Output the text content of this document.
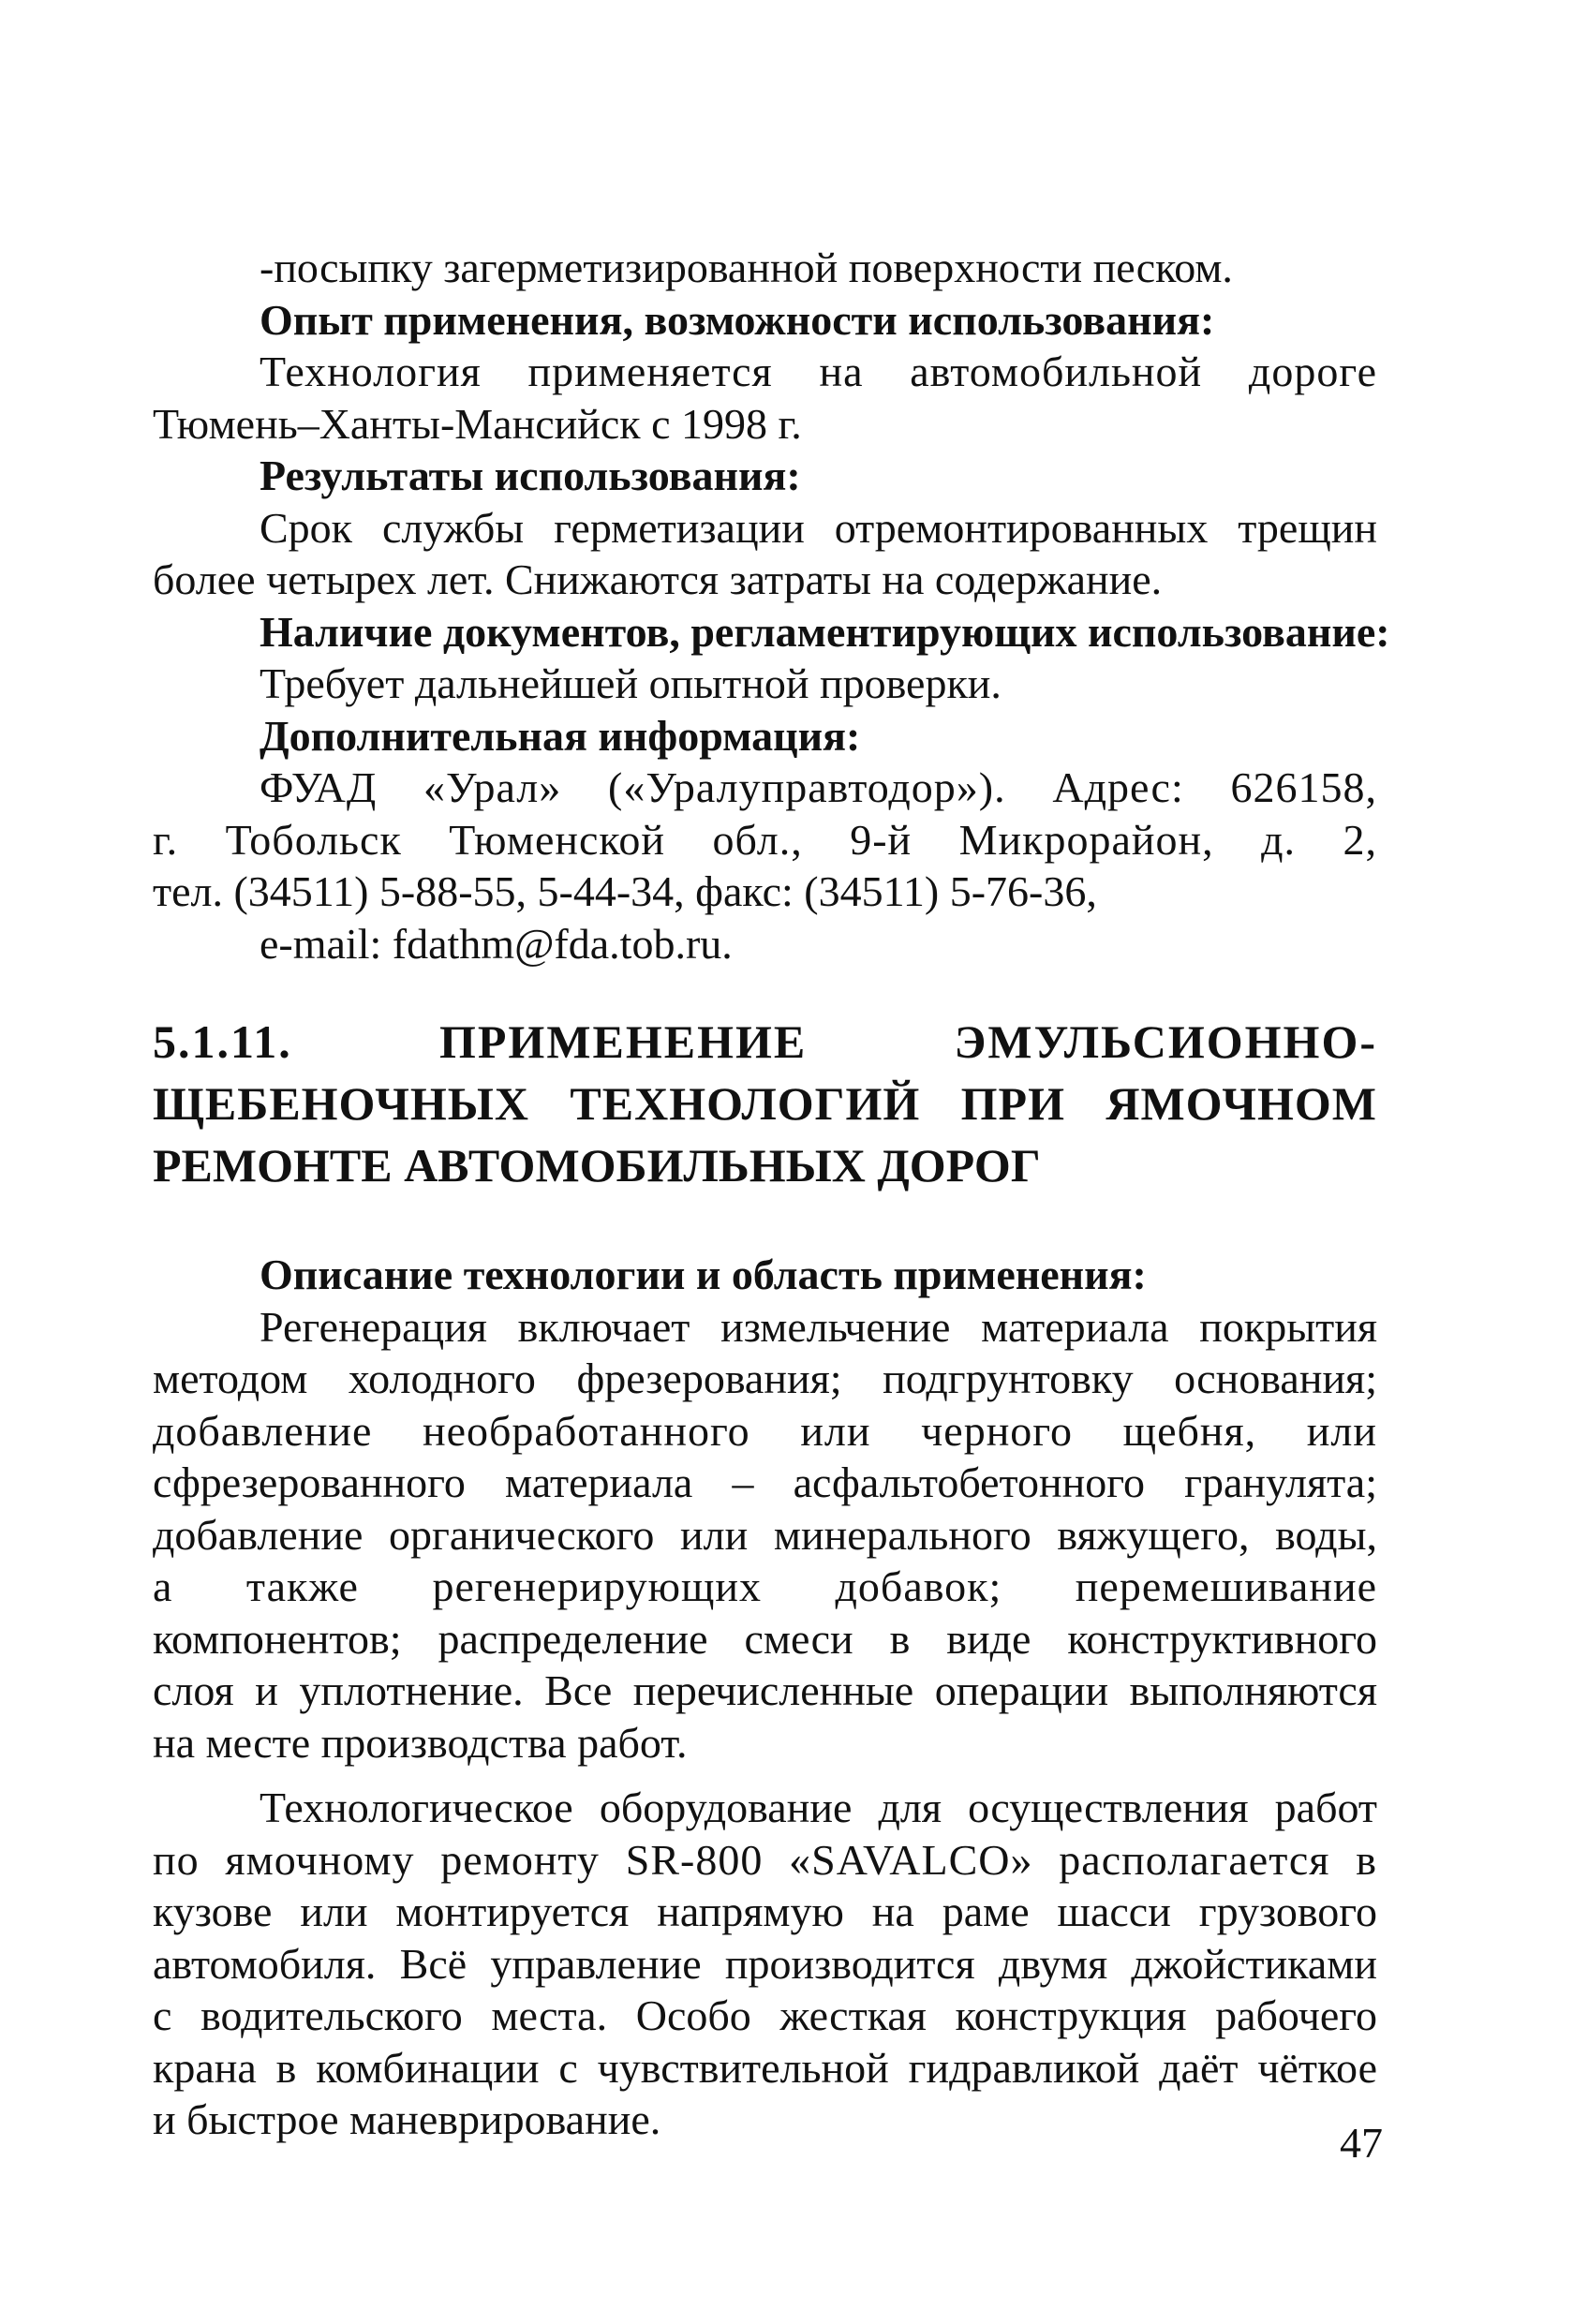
-посыпку загерметизированной поверхности песком.
Опыт применения, возможности использования:
Технология применяется на автомобильной дороге
Тюмень–Ханты-Мансийск с 1998 г.
Результаты использования:
Срок службы герметизации отремонтированных трещин
более четырех лет. Снижаются затраты на содержание.
Наличие документов, регламентирующих использование:
Требует дальнейшей опытной проверки.
Дополнительная информация:
ФУАД «Урал» («Уралуправтодор»). Адрес: 626158,
г. Тобольск Тюменской обл., 9-й Микрорайон, д. 2,
тел. (34511) 5-88-55, 5-44-34, факс: (34511) 5-76-36,
e-mail: fdathm@fda.tob.ru.
5.1.11. ПРИМЕНЕНИЕ ЭМУЛЬСИОННО-
ЩЕБЕНОЧНЫХ ТЕХНОЛОГИЙ ПРИ ЯМОЧНОМ
РЕМОНТЕ АВТОМОБИЛЬНЫХ ДОРОГ
Описание технологии и область применения:
Регенерация включает измельчение материала покрытия
методом холодного фрезерования; подгрунтовку основания;
добавление необработанного или черного щебня, или
сфрезерованного материала – асфальтобетонного гранулята;
добавление органического или минерального вяжущего, воды,
а также регенерирующих добавок; перемешивание
компонентов; распределение смеси в виде конструктивного
слоя и уплотнение. Все перечисленные операции выполняются
на месте производства работ.
Технологическое оборудование для осуществления работ
по ямочному ремонту SR-800 «SAVALCO» располагается в
кузове или монтируется напрямую на раме шасси грузового
автомобиля. Всё управление производится двумя джойстиками
с водительского места. Особо жесткая конструкция рабочего
крана в комбинации с чувствительной гидравликой даёт чёткое
и быстрое маневрирование.	47
